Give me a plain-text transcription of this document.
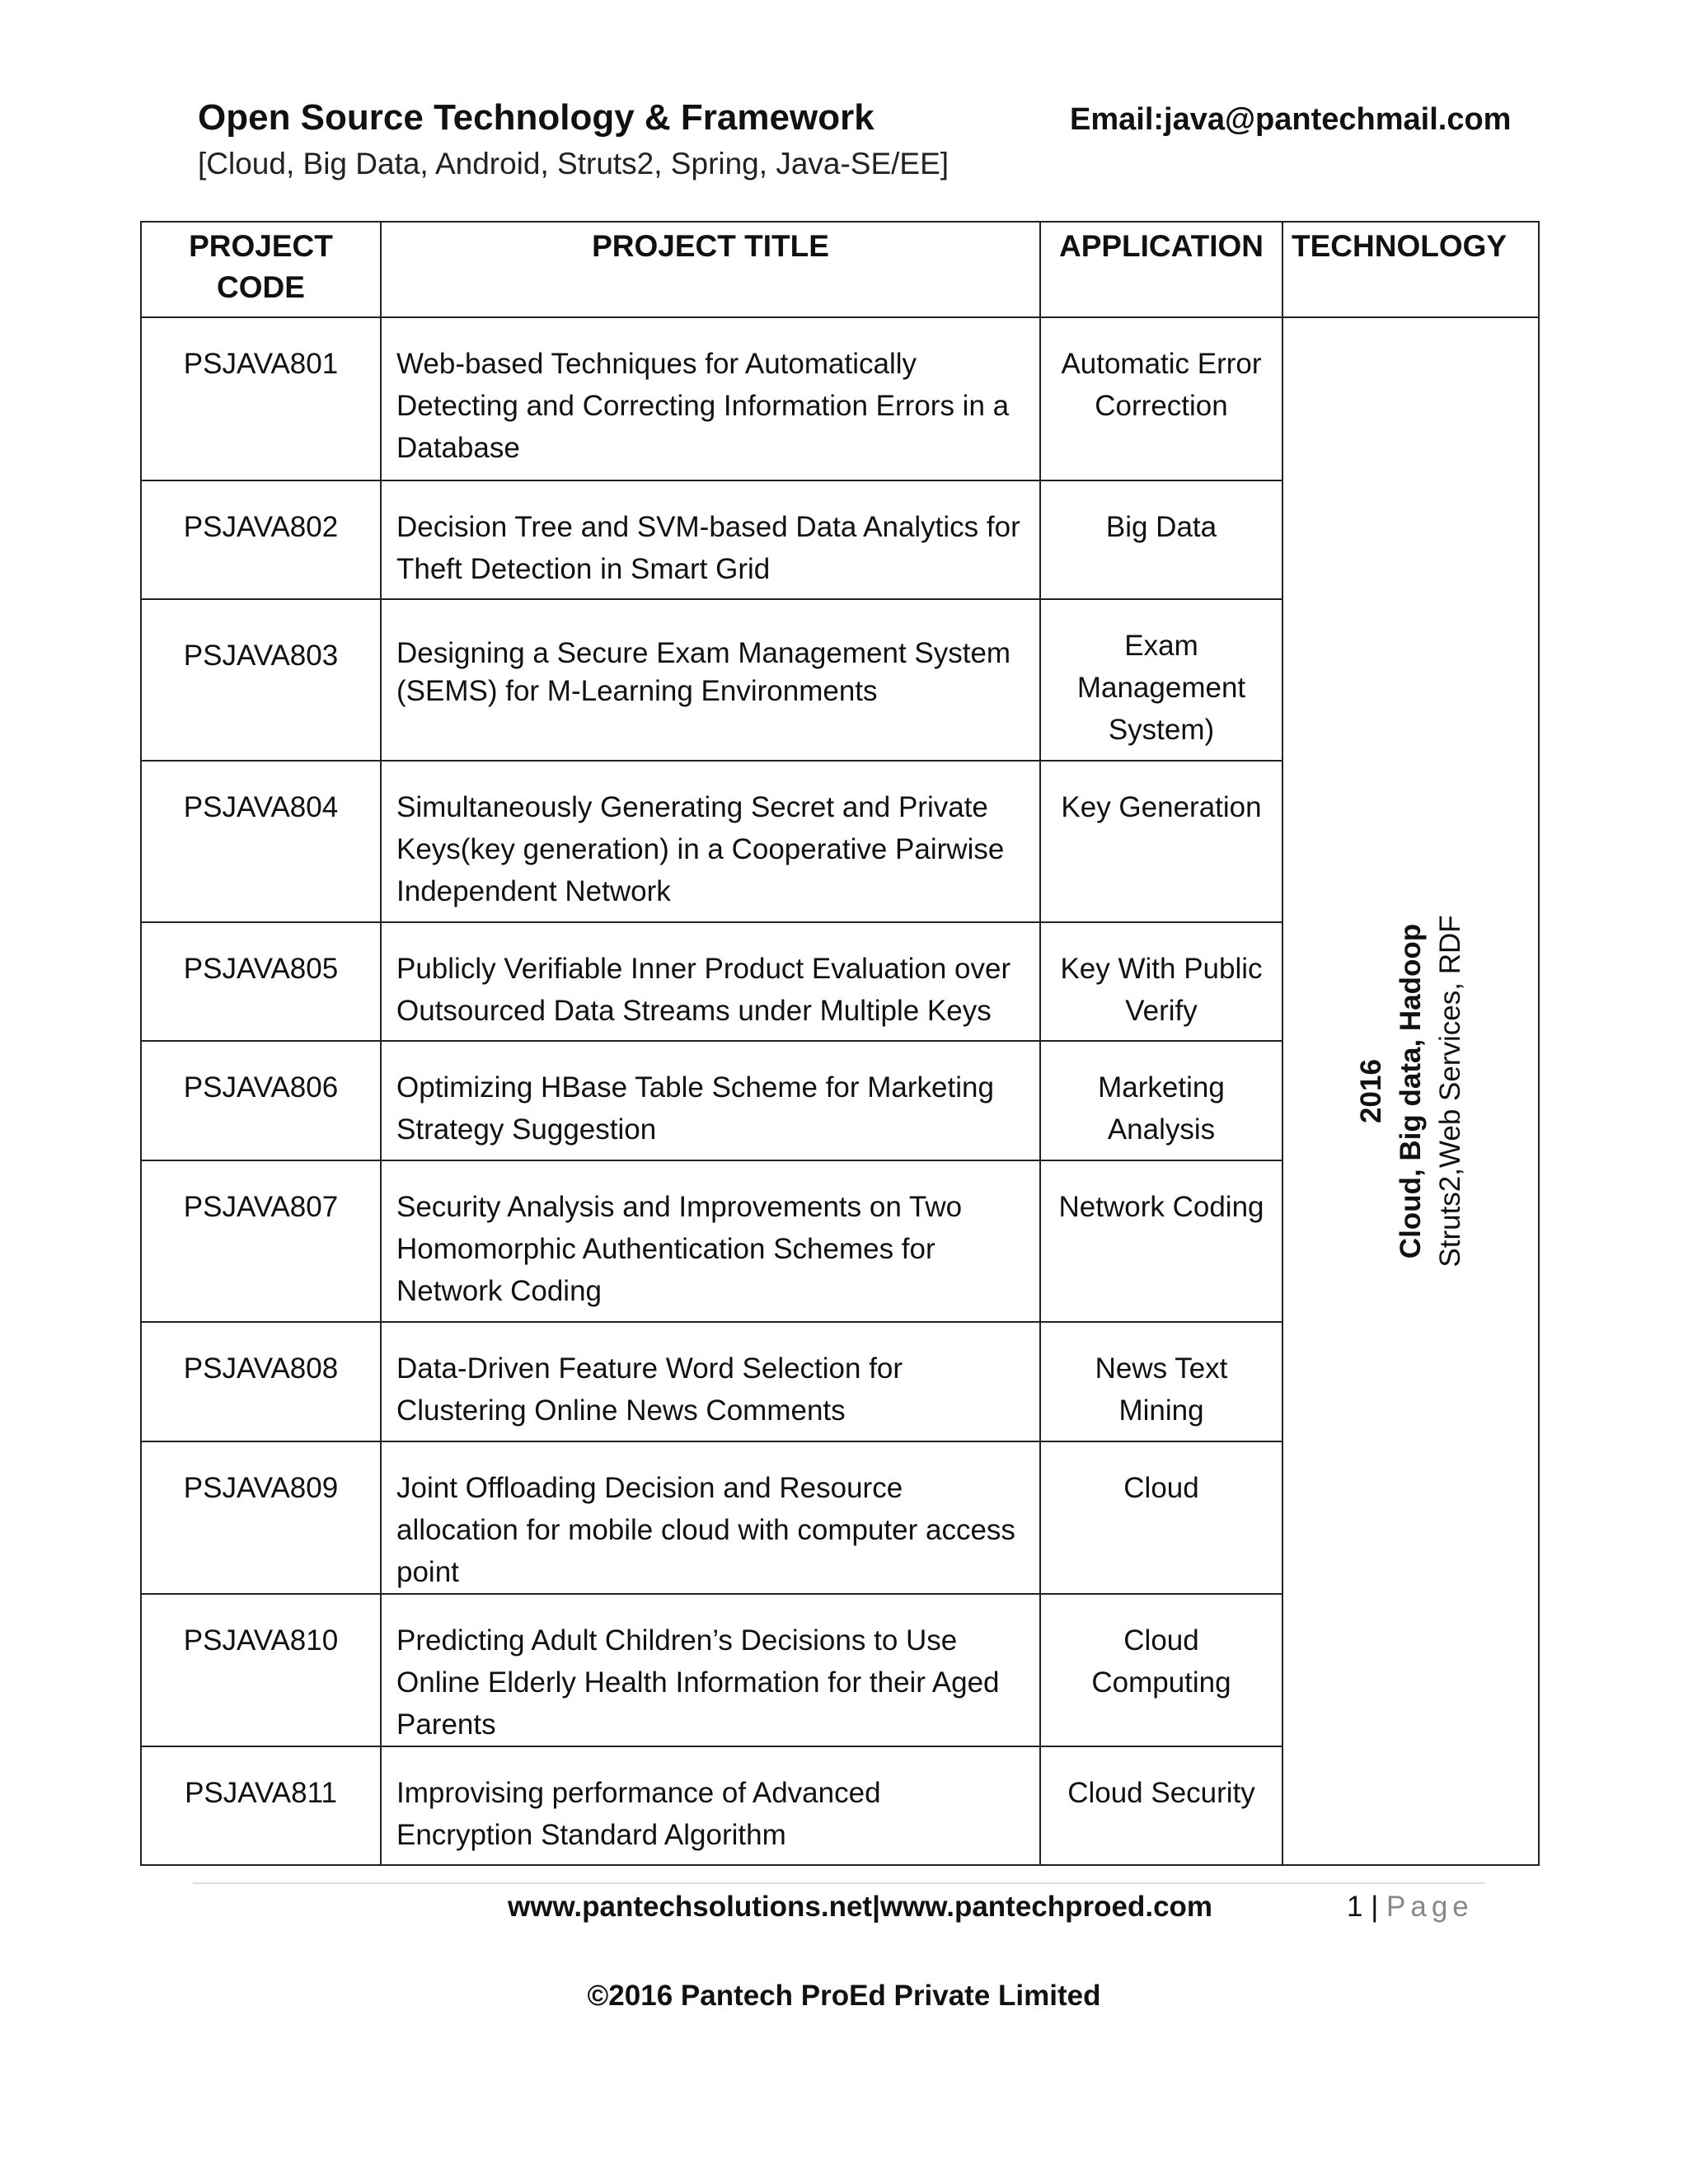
Open Source Technology & Framework	Email:java@pantechmail.com
[Cloud, Big Data, Android, Struts2, Spring, Java-SE/EE]
PROJECT CODE	PROJECT TITLE	APPLICATION	TECHNOLOGY
PSJAVA801	Web-based Techniques for Automatically Detecting and Correcting Information Errors in a Database	Automatic Error Correction	2016 Cloud, Big data, Hadoop Struts2,Web Services, RDF

PSJAVA802	Decision Tree and SVM-based Data Analytics for Theft Detection in Smart Grid	Big Data	
PSJAVA803	Designing a Secure Exam Management System (SEMS) for M-Learning Environments	Exam Management System)	
PSJAVA804	Simultaneously Generating Secret and Private Keys(key generation) in a Cooperative Pairwise Independent Network	Key Generation	
PSJAVA805	Publicly Verifiable Inner Product Evaluation over Outsourced Data Streams under Multiple Keys	Key With Public Verify	
PSJAVA806	Optimizing HBase Table Scheme for Marketing Strategy Suggestion	Marketing Analysis	
PSJAVA807	Security Analysis and Improvements on Two Homomorphic Authentication Schemes for Network Coding	Network Coding	
PSJAVA808	Data-Driven Feature Word Selection for Clustering Online News Comments	News Text Mining	
PSJAVA809	Joint Offloading Decision and Resource allocation for mobile cloud with computer access point	Cloud	
PSJAVA810	Predicting Adult Children’s Decisions to Use Online Elderly Health Information for their Aged Parents	Cloud Computing	
PSJAVA811	Improvising performance of Advanced Encryption Standard Algorithm	Cloud Security	
www.pantechsolutions.net|www.pantechproed.com	1 | Page
©2016 Pantech ProEd Private Limited
